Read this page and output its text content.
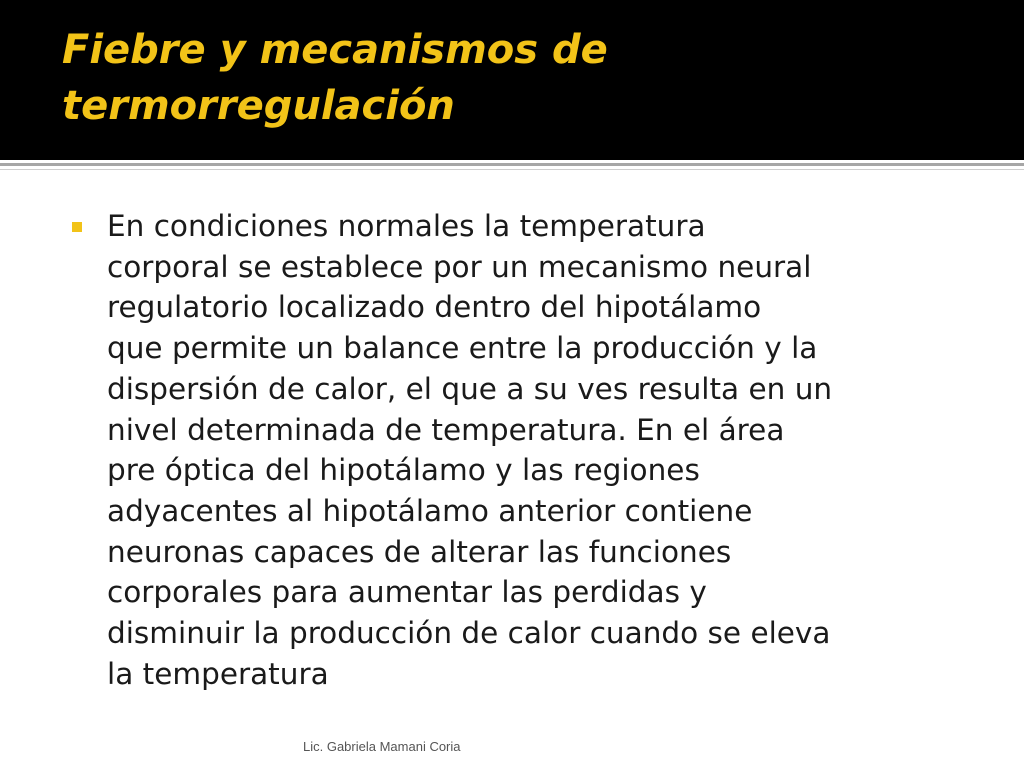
Fiebre y mecanismos de
termorregulación

En condiciones normales la temperatura
corporal se establece por un mecanismo neural
regulatorio localizado dentro del hipotálamo
que permite un balance entre la producción y la
dispersión de calor, el que a su ves resulta en un
nivel determinada de temperatura. En el área
pre óptica del hipotálamo y las regiones
adyacentes al hipotálamo anterior contiene
neuronas capaces de alterar las funciones
corporales para aumentar las perdidas y
disminuir la producción de calor cuando se eleva
la temperatura

Lic. Gabriela Mamani Coria
